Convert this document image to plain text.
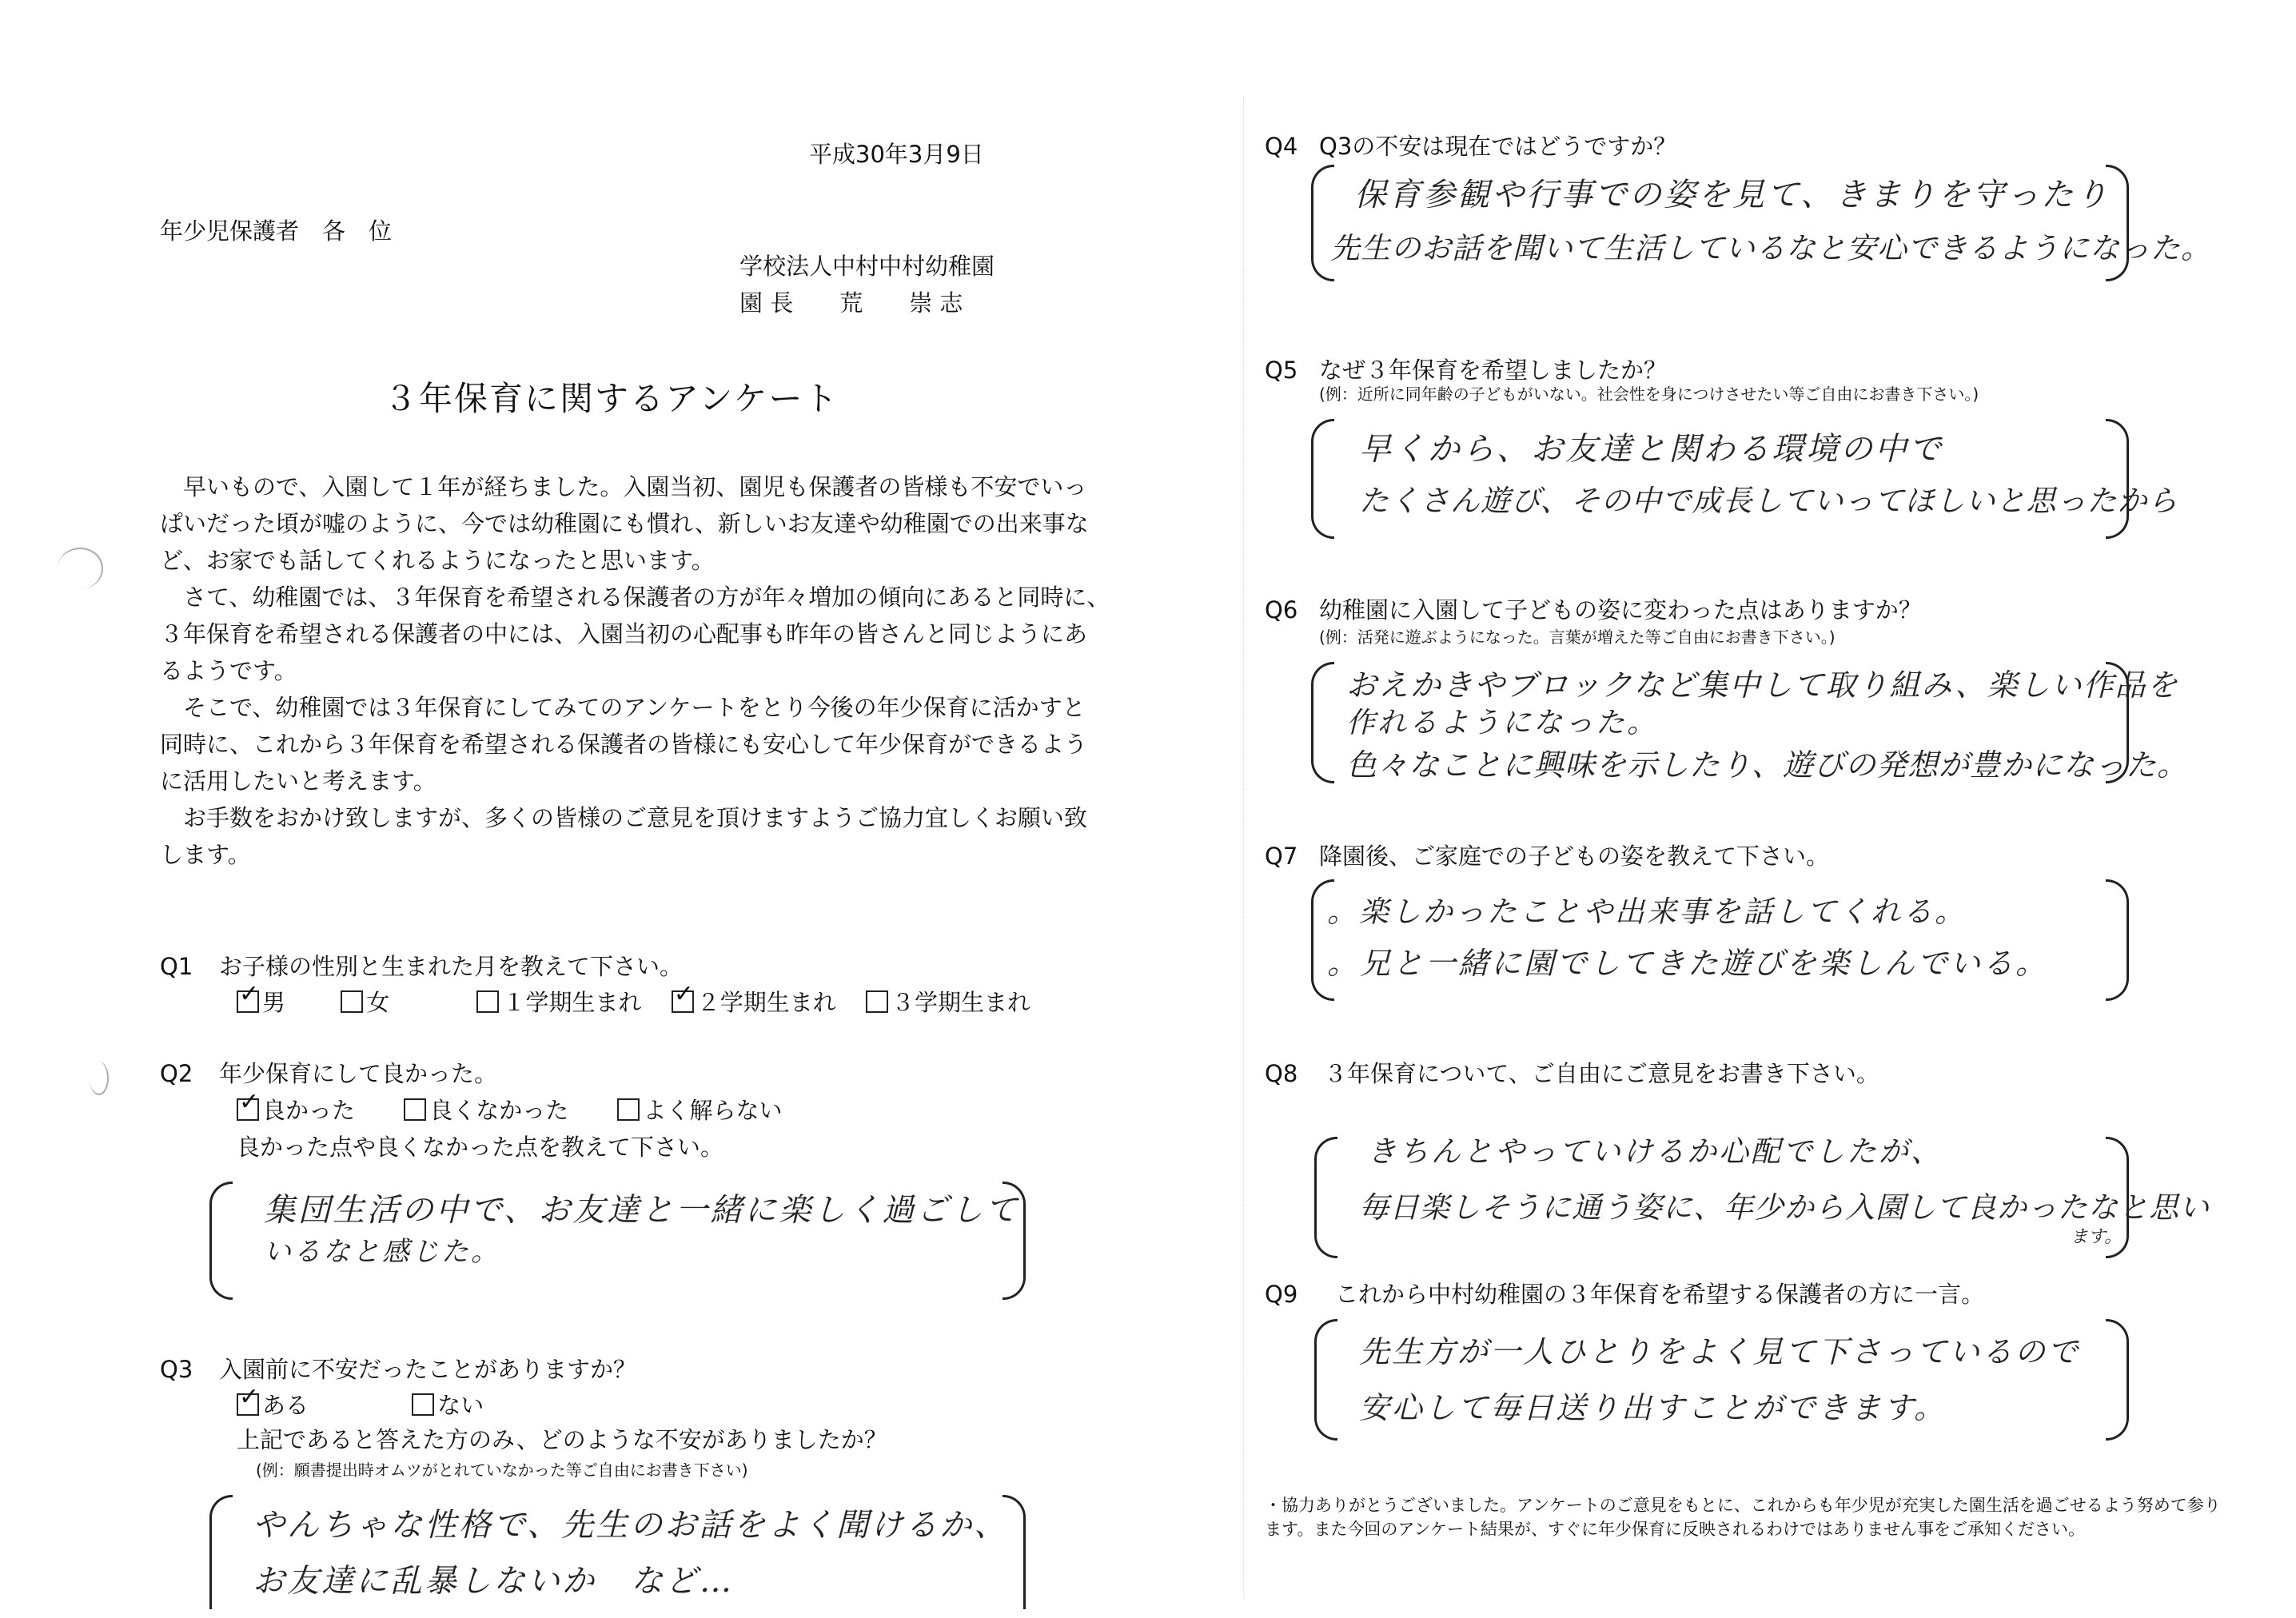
平成30年3月9日
年少児保護者　各　位
学校法人中村中村幼稚園
園 長　　荒　　崇 志
３年保育に関するアンケート
　早いもので、入園して１年が経ちました。入園当初、園児も保護者の皆様も不安でいっ
ぱいだった頃が嘘のように、今では幼稚園にも慣れ、新しいお友達や幼稚園での出来事な
ど、お家でも話してくれるようになったと思います。
　さて、幼稚園では、３年保育を希望される保護者の方が年々増加の傾向にあると同時に、
３年保育を希望される保護者の中には、入園当初の心配事も昨年の皆さんと同じようにあ
るようです。
　そこで、幼稚園では３年保育にしてみてのアンケートをとり今後の年少保育に活かすと
同時に、これから３年保育を希望される保護者の皆様にも安心して年少保育ができるよう
に活用したいと考えます。
　お手数をおかけ致しますが、多くの皆様のご意見を頂けますようご協力宜しくお願い致
します。
Q1 お子様の性別と生まれた月を教えて下さい。
✓男	女	１学期生まれ ✓ ２学期生まれ ３学期生まれ
Q2 年少保育にして良かった。
✓良かった	良くなかった	よく解らない
良かった点や良くなかった点を教えて下さい。
集団生活の中で、お友達と一緒に楽しく過ごして
いるなと感じた。
Q3 入園前に不安だったことがありますか？
✓ある	ない
上記であると答えた方のみ、どのような不安がありましたか？
(例：願書提出時オムツがとれていなかった等ご自由にお書き下さい)
やんちゃな性格で、先生のお話をよく聞けるか、
お友達に乱暴しないか　など…
Q4 Q3の不安は現在ではどうですか？
保育参観や行事での姿を見て、きまりを守ったり
先生のお話を聞いて生活しているなと安心できるようになった。
Q5 なぜ３年保育を希望しましたか？
(例：近所に同年齢の子どもがいない。社会性を身につけさせたい等ご自由にお書き下さい。)
早くから、お友達と関わる環境の中で
たくさん遊び、その中で成長していってほしいと思ったから
Q6 幼稚園に入園して子どもの姿に変わった点はありますか？
(例：活発に遊ぶようになった。言葉が増えた等ご自由にお書き下さい。)
おえかきやブロックなど集中して取り組み、楽しい作品を
作れるようになった。
色々なことに興味を示したり、遊びの発想が豊かになった。
Q7 降園後、ご家庭での子どもの姿を教えて下さい。
。楽しかったことや出来事を話してくれる。
。兄と一緒に園でしてきた遊びを楽しんでいる。
Q8 ３年保育について、ご自由にご意見をお書き下さい。
きちんとやっていけるか心配でしたが、
毎日楽しそうに通う姿に、年少から入園して良かったなと思い
ます。
Q9 これから中村幼稚園の３年保育を希望する保護者の方に一言。
先生方が一人ひとりをよく見て下さっているので
安心して毎日送り出すことができます。
・協力ありがとうございました。アンケートのご意見をもとに、これからも年少児が充実した園生活を過ごせるよう努めて参り
ます。また今回のアンケート結果が、すぐに年少保育に反映されるわけではありません事をご承知ください。
